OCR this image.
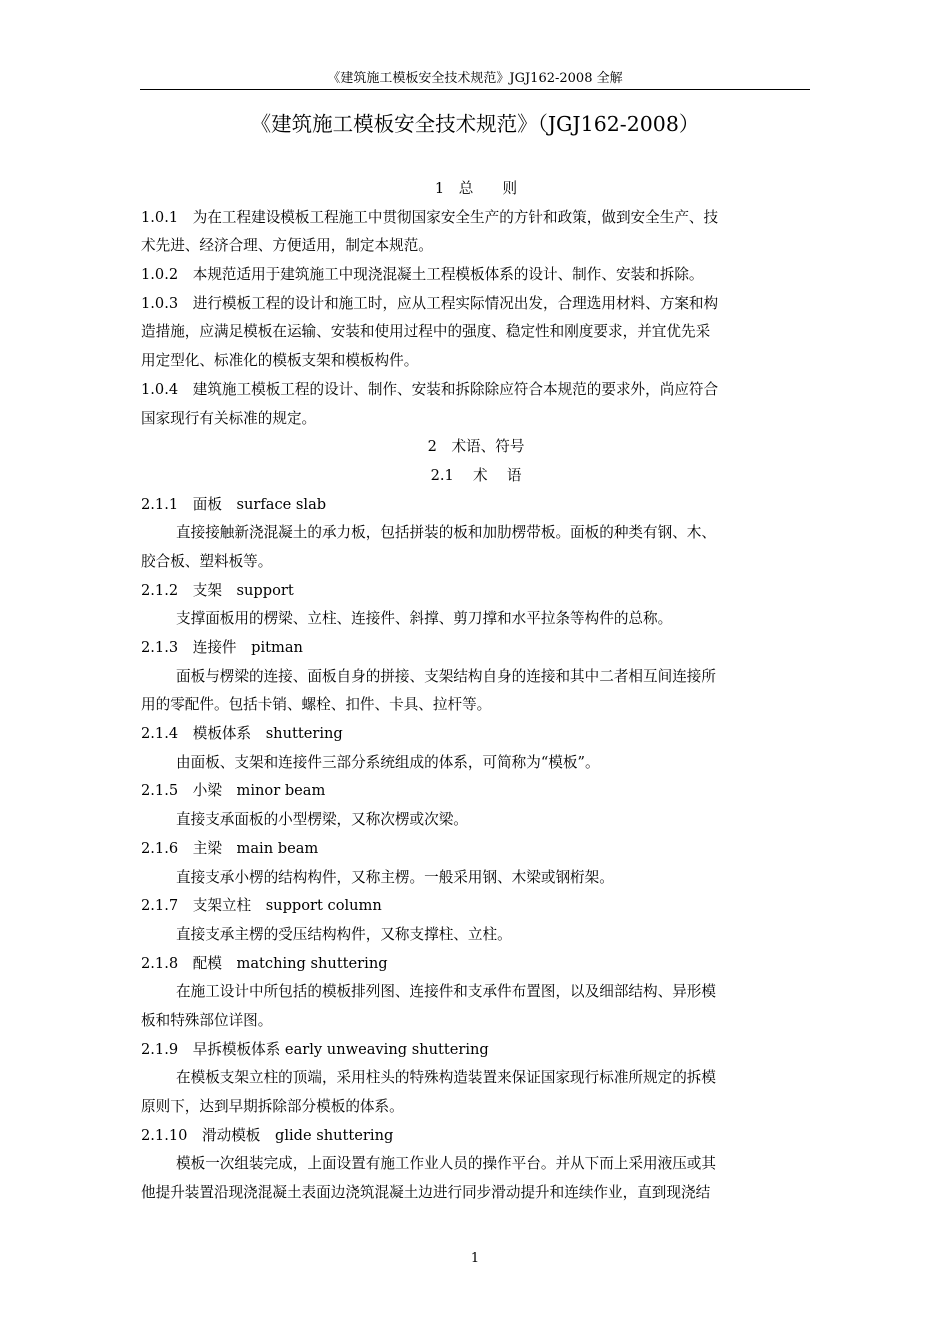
《建筑施工模板安全技术规范》JGJ162-2008 全解
《建筑施工模板安全技术规范》（JGJ162-2008）
1　总　　则
1.0.1　为在工程建设模板工程施工中贯彻国家安全生产的方针和政策，做到安全生产、技
术先进、经济合理、方便适用，制定本规范。
1.0.2　本规范适用于建筑施工中现浇混凝土工程模板体系的设计、制作、安装和拆除。
1.0.3　进行模板工程的设计和施工时，应从工程实际情况出发，合理选用材料、方案和构
造措施，应满足模板在运输、安装和使用过程中的强度、稳定性和刚度要求，并宜优先采
用定型化、标准化的模板支架和模板构件。
1.0.4　建筑施工模板工程的设计、制作、安装和拆除除应符合本规范的要求外，尚应符合
国家现行有关标准的规定。
2　术语、符号
2.1　 术　 语
2.1.1　面板　surface slab
直接接触新浇混凝土的承力板，包括拼装的板和加肋楞带板。面板的种类有钢、木、
胶合板、塑料板等。
2.1.2　支架　support
支撑面板用的楞梁、立柱、连接件、斜撑、剪刀撑和水平拉条等构件的总称。
2.1.3　连接件　pitman
面板与楞梁的连接、面板自身的拼接、支架结构自身的连接和其中二者相互间连接所
用的零配件。包括卡销、螺栓、扣件、卡具、拉杆等。
2.1.4　模板体系　shuttering
由面板、支架和连接件三部分系统组成的体系，可简称为“模板”。
2.1.5　小梁　minor beam
直接支承面板的小型楞梁，又称次楞或次梁。
2.1.6　主梁　main beam
直接支承小楞的结构构件，又称主楞。一般采用钢、木梁或钢桁架。
2.1.7　支架立柱　support column
直接支承主楞的受压结构构件，又称支撑柱、立柱。
2.1.8　配模　matching shuttering
在施工设计中所包括的模板排列图、连接件和支承件布置图，以及细部结构、异形模
板和特殊部位详图。
2.1.9　早拆模板体系 early unweaving shuttering
在模板支架立柱的顶端，采用柱头的特殊构造装置来保证国家现行标准所规定的拆模
原则下，达到早期拆除部分模板的体系。
2.1.10　滑动模板　glide shuttering
模板一次组装完成，上面设置有施工作业人员的操作平台。并从下而上采用液压或其
他提升装置沿现浇混凝土表面边浇筑混凝土边进行同步滑动提升和连续作业，直到现浇结
1
